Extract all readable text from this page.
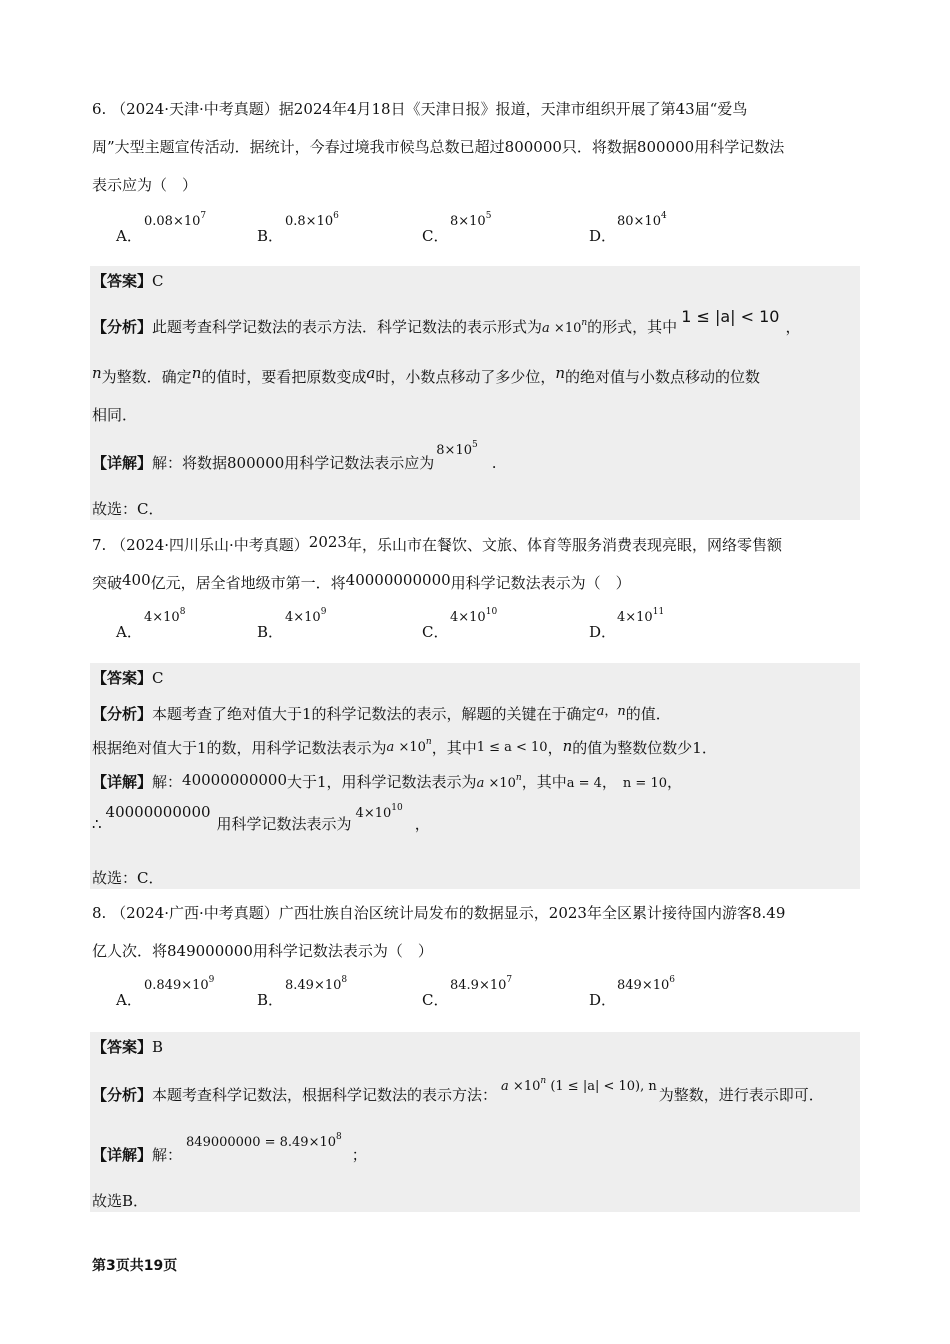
6. （2024·天津·中考真题）据2024年4月18日《天津日报》报道，天津市组织开展了第43届“爱鸟
周”大型主题宣传活动．据统计，今春过境我市候鸟总数已超过800000只．将数据800000用科学记数法
表示应为（　）
A．
$0.08\times 10^7$
B．
$0.8\times 10^6$
C．
$8\times 10^5$
D．
$80\times 10^4$
【答案】C
【分析】此题考查科学记数法的表示方法．科学记数法的表示形式为$a \times 10^n$的形式，其中1 ≤ |a| < 10，
n为整数．确定n的值时，要看把原数变成a时，小数点移动了多少位，n的绝对值与小数点移动的位数
相同．
【详解】解：将数据800000用科学记数法表示应为$8\times 10^5$.
故选：C．
7. （2024·四川乐山·中考真题）2023年，乐山市在餐饮、文旅、体育等服务消费表现亮眼，网络零售额
突破400亿元，居全省地级市第一．将40000000000用科学记数法表示为（　）
A．
$4\times 10^8$
B．
$4\times 10^9$
C．
$4\times 10^{10}$
D．
$4\times 10^{11}$
【答案】C
【分析】本题考查了绝对值大于1的科学记数法的表示，解题的关键在于确定a，n的值．
根据绝对值大于1的数，用科学记数法表示为$a \times 10^n$，其中1 ≤ a < 10，n的值为整数位数少1．
【详解】解：40000000000大于1，用科学记数法表示为$a \times 10^n$，其中a = 4， n = 10，
∴40000000000用科学记数法表示为$4\times 10^{10}$，
故选：C．
8. （2024·广西·中考真题）广西壮族自治区统计局发布的数据显示，2023年全区累计接待国内游客8.49
亿人次．将849000000用科学记数法表示为（　）
A．
$0.849\times 10^9$
B．
$8.49\times 10^8$
C．
$84.9\times 10^7$
D．
$849\times 10^6$
【答案】B
【分析】本题考查科学记数法，根据科学记数法的表示方法： $a \times 10^n$ (1 ≤ |a| < 10), n 为整数，进行表示即可．
【详解】解：$849000000 = 8.49\times 10^8$；
故选B．
第3页共19页
